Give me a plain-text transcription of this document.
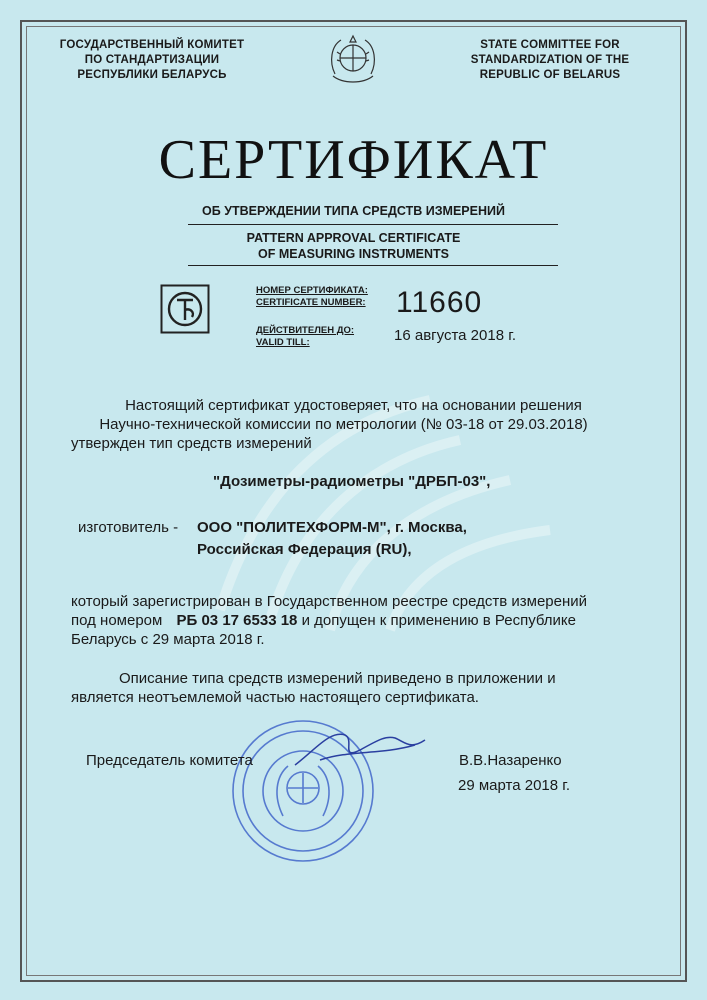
ГОСУДАРСТВЕННЫЙ КОМИТЕТ
ПО СТАНДАРТИЗАЦИИ
РЕСПУБЛИКИ БЕЛАРУСЬ
STATE COMMITTEE FOR
STANDARDIZATION OF THE
REPUBLIC OF BELARUS
СЕРТИФИКАТ
ОБ УТВЕРЖДЕНИИ ТИПА СРЕДСТВ ИЗМЕРЕНИЙ
PATTERN APPROVAL CERTIFICATE
OF MEASURING INSTRUMENTS
НОМЕР СЕРТИФИКАТА:
CERTIFICATE NUMBER: 11660
ДЕЙСТВИТЕЛЕН ДО:
VALID TILL:	16 августа 2018 г.
Настоящий сертификат удостоверяет, что на основании решения
Научно-технической комиссии по метрологии (№ 03-18 от 29.03.2018)
утвержден тип средств измерений
"Дозиметры-радиометры "ДРБП-03",
изготовитель - ООО "ПОЛИТЕХФОРМ-М", г. Москва,
Российская Федерация (RU),
который зарегистрирован в Государственном реестре средств измерений
под номером РБ 03 17 6533 18 и допущен к применению в Республике
Беларусь с 29 марта 2018 г.
Описание типа средств измерений приведено в приложении и
является неотъемлемой частью настоящего сертификата.
Председатель комитета	В.В.Назаренко
29 марта 2018 г.
